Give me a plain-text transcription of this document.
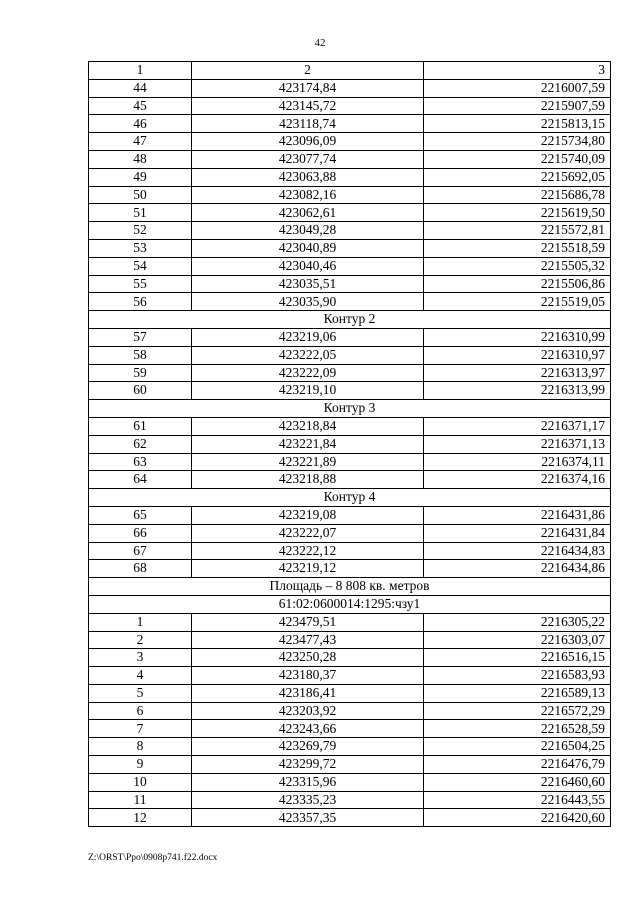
42
1	2	3
44	423174,84	2216007,59
45	423145,72	2215907,59
46	423118,74	2215813,15
47	423096,09	2215734,80
48	423077,74	2215740,09
49	423063,88	2215692,05
50	423082,16	2215686,78
51	423062,61	2215619,50
52	423049,28	2215572,81
53	423040,89	2215518,59
54	423040,46	2215505,32
55	423035,51	2215506,86
56	423035,90	2215519,05
Контур 2		
57	423219,06	2216310,99
58	423222,05	2216310,97
59	423222,09	2216313,97
60	423219,10	2216313,99
Контур 3		
61	423218,84	2216371,17
62	423221,84	2216371,13
63	423221,89	2216374,11
64	423218,88	2216374,16
Контур 4		
65	423219,08	2216431,86
66	423222,07	2216431,84
67	423222,12	2216434,83
68	423219,12	2216434,86
Площадь – 8 808 кв. метров		
61:02:0600014:1295:чзу1		
1	423479,51	2216305,22
2	423477,43	2216303,07
3	423250,28	2216516,15
4	423180,37	2216583,93
5	423186,41	2216589,13
6	423203,92	2216572,29
7	423243,66	2216528,59
8	423269,79	2216504,25
9	423299,72	2216476,79
10	423315,96	2216460,60
11	423335,23	2216443,55
12	423357,35	2216420,60
Z:\ORST\Ppo\0908p741.f22.docx
